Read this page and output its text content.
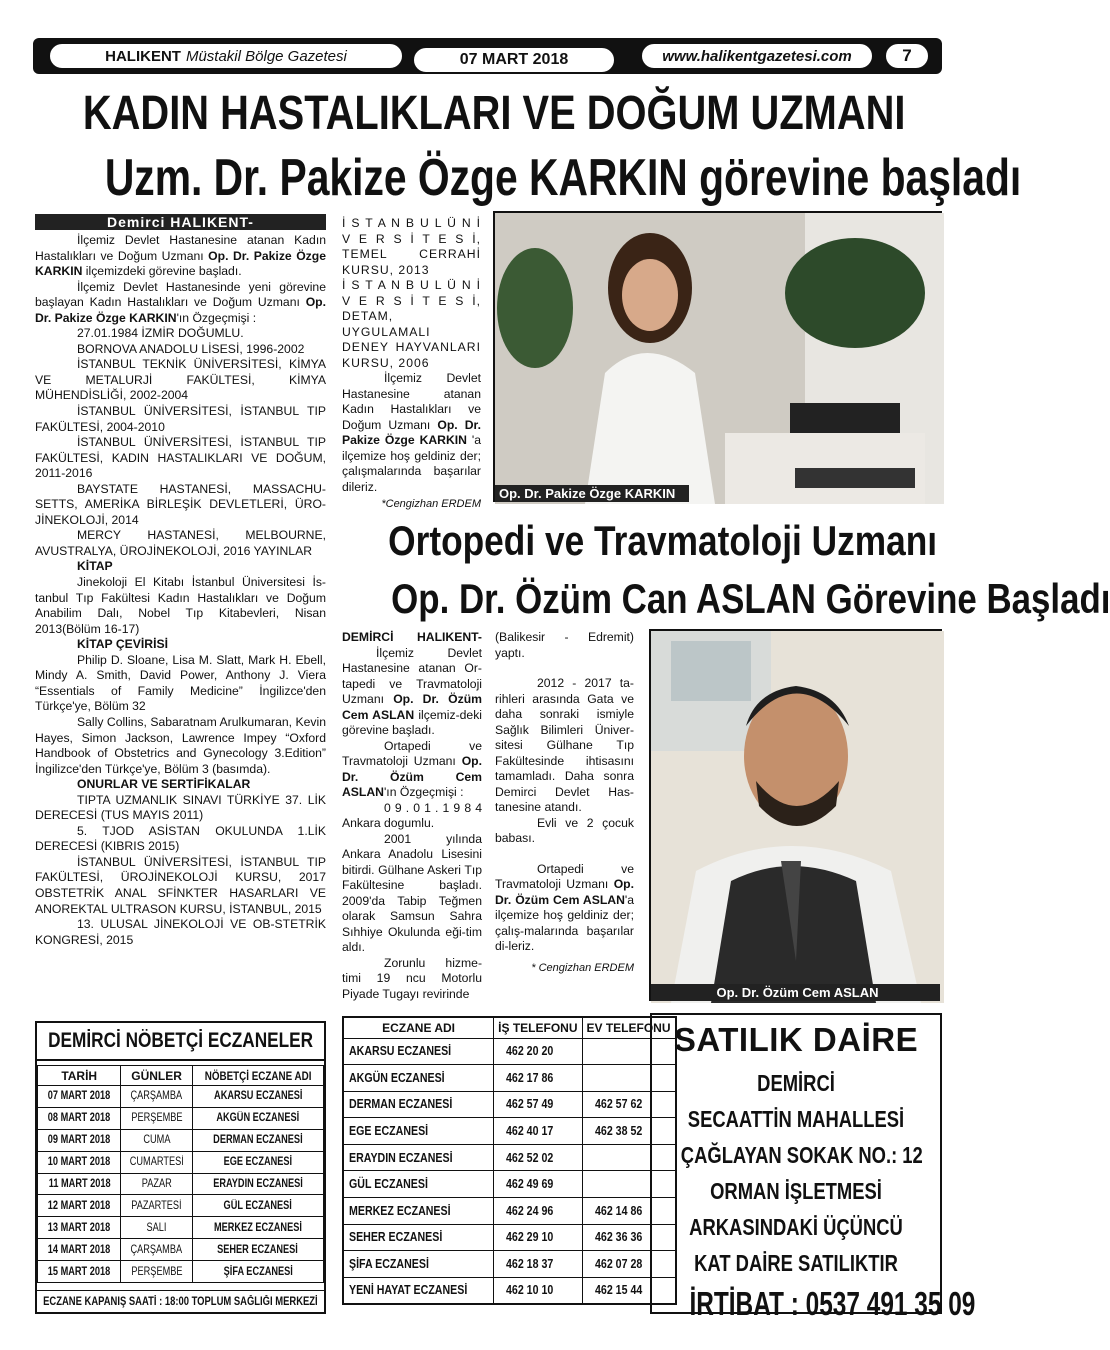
HALIKENT Müstakil Bölge Gazetesi	07 MART 2018	www.halikentgazetesi.com	7
KADIN HASTALIKLARI VE DOĞUM UZMANI
Uzm. Dr. Pakize Özge KARKIN görevine başladı
Demirci HALIKENT-

İlçemiz Devlet Hastanesine atanan Kadın Hastalıkları ve Doğum Uzmanı Op. Dr. Pakize Özge KARKIN ilçemizdeki görevine başladı.

İlçemiz Devlet Hastanesinde yeni görevine başlayan Kadın Hastalıkları ve Doğum Uzmanı Op. Dr. Pakize Özge KARKIN'ın Özgeçmişi :

27.01.1984 İZMİR DOĞUMLU.

BORNOVA ANADOLU LİSESİ, 1996-2002

İSTANBUL TEKNİK ÜNİVERSİTESİ, KİMYA VE METALURJİ FAKÜLTESİ, KİMYA MÜHENDİSLİĞİ, 2002-2004

İSTANBUL ÜNİVERSİTESİ, İSTANBUL TIP FAKÜLTESİ, 2004-2010

İSTANBUL ÜNİVERSİTESİ, İSTANBUL TIP FAKÜLTESİ, KADIN HASTALIKLARI VE DOĞUM, 2011-2016

BAYSTATE HASTANESİ, MASSACHU-SETTS, AMERİKA BİRLEŞİK DEVLETLERİ, ÜRO-JİNEKOLOJİ, 2014

MERCY HASTANESİ, MELBOURNE, AVUSTRALYA, ÜROJİNEKOLOJİ, 2016 YAYINLAR

KİTAP

Jinekoloji El Kitabı İstanbul Üniversitesi İs-tanbul Tıp Fakültesi Kadın Hastalıkları ve Doğum Anabilim Dalı, Nobel Tıp Kitabevleri, Nisan 2013(Bölüm 16-17)

KİTAP ÇEVİRİSİ

Philip D. Sloane, Lisa M. Slatt, Mark H. Ebell, Mindy A. Smith, David Power, Anthony J. Viera “Essentials of Family Medicine” İngilizce'den Türkçe'ye, Bölüm 32

Sally Collins, Sabaratnam Arulkumaran, Kevin Hayes, Simon Jackson, Lawrence Impey “Oxford Handbook of Obstetrics and Gynecology 3.Edition” İngilizce'den Türkçe'ye, Bölüm 3 (basımda).

ONURLAR VE SERTİFİKALAR

TIPTA UZMANLIK SINAVI TÜRKİYE 37. LİK DERECESİ (TUS MAYIS 2011)

5. TJOD ASİSTAN OKULUNDA 1.LİK DERECESİ (KIBRIS 2015)

İSTANBUL ÜNİVERSİTESİ, İSTANBUL TIP FAKÜLTESİ, ÜROJİNEKOLOJİ KURSU, 2017 OBSTETRİK ANAL SFİNKTER HASARLARI VE ANOREKTAL ULTRASON KURSU, İSTANBUL, 2015

13. ULUSAL JİNEKOLOJİ VE OB-STETRİK KONGRESİ, 2015

İ S T A N B U L Ü N İ V E R S İ T E S İ, TEMEL CERRAHİ KURSU, 2013

İ S T A N B U L Ü N İ V E R S İ T E S İ, DETAM, UYGULAMALI DENEY HAYVANLARI KURSU, 2006

İlçemiz Devlet Hastanesine atanan Kadın Hastalıkları ve Doğum Uzmanı Op. Dr. Pakize Özge KARKIN 'a ilçemize hoş geldiniz der; çalışmalarında başarılar dileriz.

*Cengizhan ERDEM

Op. Dr. Pakize Özge KARKIN
Ortopedi ve Travmatoloji Uzmanı
Op. Dr. Özüm Can ASLAN Görevine Başladı

DEMİRCİ HALIKENT- İlçemiz Devlet Hastanesine atanan Or-tapedi ve Travmatoloji Uzmanı Op. Dr. Özüm Cem ASLAN ilçemiz-deki görevine başladı.

Ortapedi ve Travmatoloji Uzmanı Op. Dr. Özüm Cem ASLAN'ın Özgeçmişi :

0 9 . 0 1 . 1 9 8 4 Ankara dogumlu.

2001 yılında Ankara Anadolu Lisesini bitirdi. Gülhane Askeri Tıp Fakültesine başladı. 2009'da Tabip Teğmen olarak Samsun Sahra Sıhhiye Okulunda eği-tim aldı.

Zorunlu hizme-timi 19 ncu Motorlu Piyade Tugayı revirinde

(Balikesir - Edremit) yaptı.

2012 - 2017 ta-rihleri arasında Gata ve daha sonraki ismiyle Sağlık Bilimleri Üniver-sitesi Gülhane Tıp Fakültesinde ihtisasını tamamladı. Daha sonra Demirci Devlet Has-tanesine atandı.

Evli ve 2 çocuk babası.

Ortapedi ve Travmatoloji Uzmanı Op. Dr. Özüm Cem ASLAN'a ilçemize hoş geldiniz der; çalış-malarında başarılar di-leriz.

* Cengizhan ERDEM

Op. Dr. Özüm Cem ASLAN
DEMİRCİ NÖBETÇİ ECZANELER
TARİH	GÜNLER	NÖBETÇİ ECZANE ADI
07 MART 2018	ÇARŞAMBA	AKARSU ECZANESİ
08 MART 2018	PERŞEMBE	AKGÜN ECZANESİ
09 MART 2018	CUMA	DERMAN ECZANESİ
10 MART 2018	CUMARTESİ	EGE ECZANESİ
11 MART 2018	PAZAR	ERAYDIN ECZANESİ
12 MART 2018	PAZARTESİ	GÜL ECZANESİ
13 MART 2018	SALI	MERKEZ ECZANESİ
14 MART 2018	ÇARŞAMBA	SEHER ECZANESİ
15 MART 2018	PERŞEMBE	ŞİFA ECZANESİ
ECZANE KAPANIŞ SAATİ : 18:00 TOPLUM SAĞLIĞI MERKEZİ
ECZANE ADI	İŞ TELEFONU	EV TELEFONU
AKARSU ECZANESİ	462 20 20	
AKGÜN ECZANESİ	462 17 86	
DERMAN ECZANESİ	462 57 49	462 57 62
EGE ECZANESİ	462 40 17	462 38 52
ERAYDIN ECZANESİ	462 52 02	
GÜL ECZANESİ	462 49 69	
MERKEZ ECZANESİ	462 24 96	462 14 86
SEHER ECZANESİ	462 29 10	462 36 36
ŞİFA ECZANESİ	462 18 37	462 07 28
YENİ HAYAT ECZANESİ	462 10 10	462 15 44
SATILIK DAİRE
DEMİRCİ
SECAATTİN MAHALLESİ
ÇAĞLAYAN SOKAK NO.: 12
ORMAN İŞLETMESİ
ARKASINDAKİ ÜÇÜNCÜ
KAT DAİRE SATILIKTIR
İRTİBAT : 0537 491 35 09
